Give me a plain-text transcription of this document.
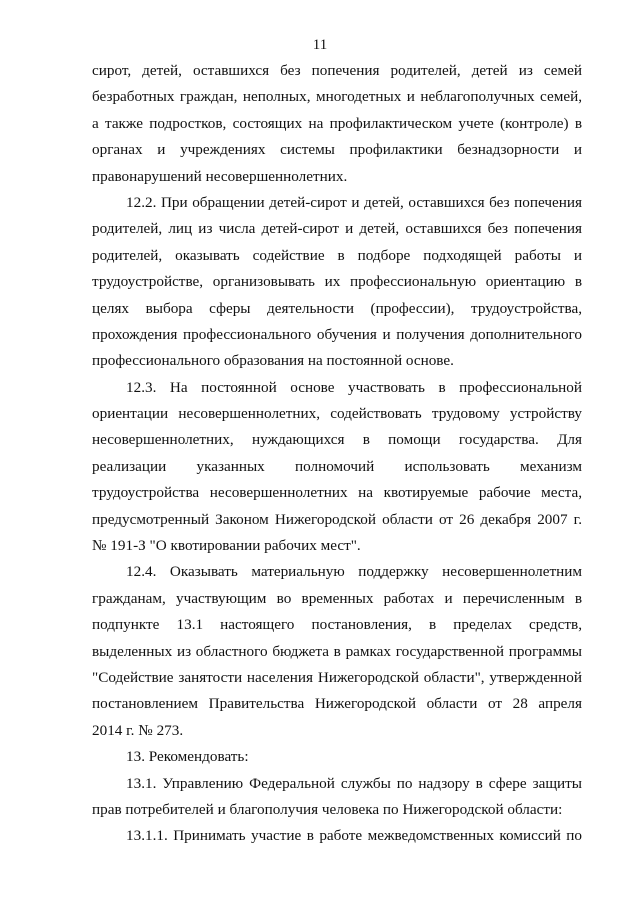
11
сирот, детей, оставшихся без попечения родителей, детей из семей
безработных граждан, неполных, многодетных и неблагополучных семей,
а также подростков, состоящих на профилактическом учете (контроле) в
органах и учреждениях системы профилактики безнадзорности и
правонарушений несовершеннолетних.
12.2. При обращении детей-сирот и детей, оставшихся без попечения
родителей, лиц из числа детей-сирот и детей, оставшихся без попечения
родителей, оказывать содействие в подборе подходящей работы и
трудоустройстве, организовывать их профессиональную ориентацию в
целях выбора сферы деятельности (профессии), трудоустройства,
прохождения профессионального обучения и получения дополнительного
профессионального образования на постоянной основе.
12.3. На постоянной основе участвовать в профессиональной
ориентации несовершеннолетних, содействовать трудовому устройству
несовершеннолетних, нуждающихся в помощи государства. Для
реализации указанных полномочий использовать механизм
трудоустройства несовершеннолетних на квотируемые рабочие места,
предусмотренный Законом Нижегородской области от 26 декабря 2007 г.
№ 191-З "О квотировании рабочих мест".
12.4. Оказывать материальную поддержку несовершеннолетним
гражданам, участвующим во временных работах и перечисленным в
подпункте 13.1 настоящего постановления, в пределах средств,
выделенных из областного бюджета в рамках государственной программы
"Содействие занятости населения Нижегородской области", утвержденной
постановлением Правительства Нижегородской области от 28 апреля
2014 г. № 273.
13. Рекомендовать:
13.1. Управлению Федеральной службы по надзору в сфере защиты
прав потребителей и благополучия человека по Нижегородской области:
13.1.1. Принимать участие в работе межведомственных комиссий по
